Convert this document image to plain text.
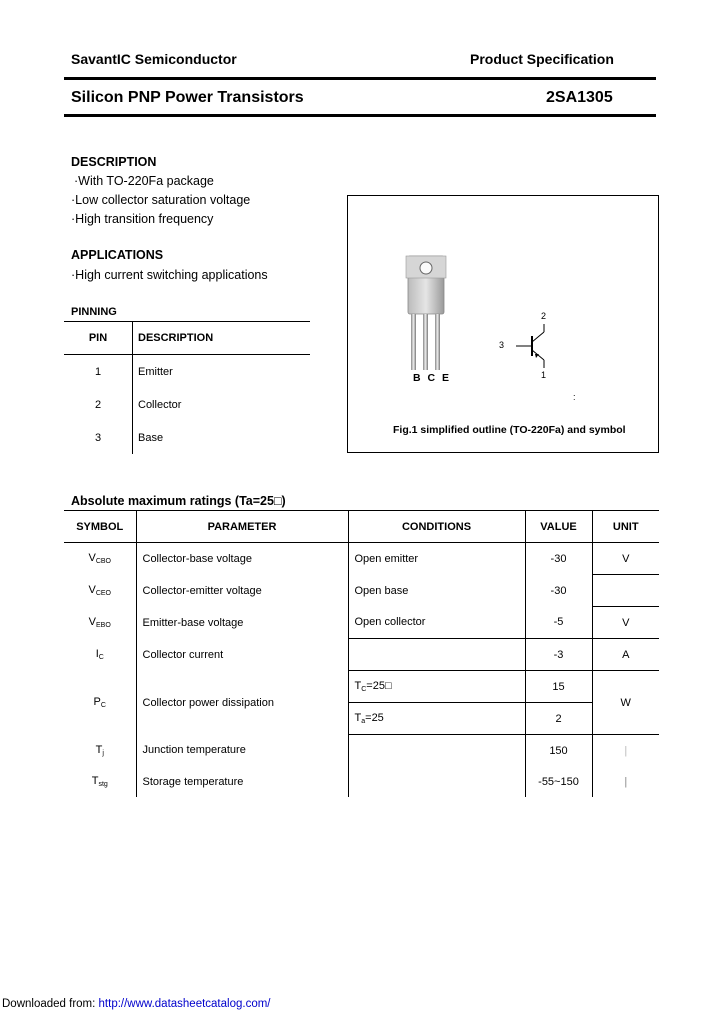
SavantIC Semiconductor	Product Specification
Silicon PNP Power Transistors	2SA1305
DESCRIPTION
·With TO-220Fa package
·Low collector saturation voltage
·High transition frequency
APPLICATIONS
·High current switching applications
PINNING
PIN	DESCRIPTION
1	Emitter
2	Collector
3	Base
B C E
2
3
1
:
Fig.1 simplified outline (TO-220Fa) and symbol
Absolute maximum ratings (Ta=25□)
SYMBOL	PARAMETER	CONDITIONS	VALUE	UNIT
$V_{CBO}$	Collector-base voltage	Open emitter	-30	V
$V_{CEO}$	Collector-emitter voltage	Open base	-30	
$V_{EBO}$	Emitter-base voltage	Open collector	-5	V
$I_C$	Collector current		-3	A
$P_C$	Collector power dissipation	$T_C=25□$	15	W
		$T_a=25$	2	
$T_j$	Junction temperature		150	|
$T_{stg}$	Storage temperature		-55~150	|
Downloaded from: http://www.datasheetcatalog.com/
